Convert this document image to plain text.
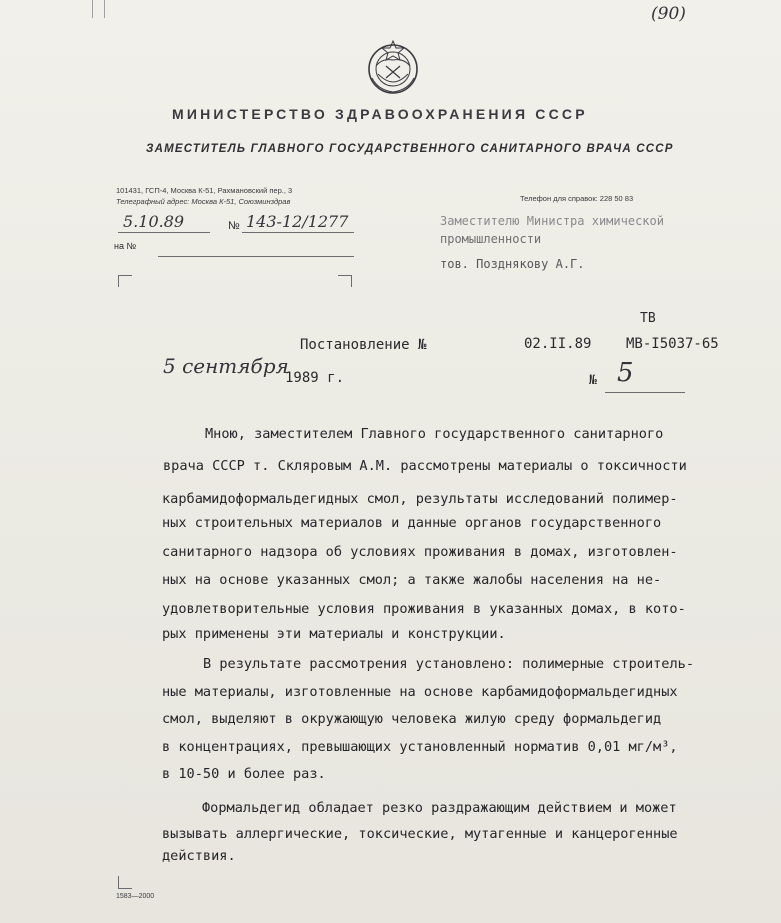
МИНИСТЕРСТВО ЗДРАВООХРАНЕНИЯ СССР
ЗАМЕСТИТЕЛЬ ГЛАВНОГО ГОСУДАРСТВЕННОГО САНИТАРНОГО ВРАЧА СССР
101431, ГСП-4, Москва К-51, Рахмановский пер., 3
Телеграфный адрес: Москва К-51, Союзминздрав	Телефон для справок: 228 50 83
5.10.89	№ 143-12/1277
на №
Заместителю Министра химической
промышленности
тов. Позднякову А.Г.
ТВ
Постановление №	02.II.89 МВ-I5037-65
5 сентября
1989 г.	№ 5
Мною, заместителем Главного государственного санитарного
врача СССР т. Скляровым А.М. рассмотрены материалы о токсичности
карбамидоформальдегидных смол, результаты исследований полимер-
ных строительных материалов и данные органов государственного
санитарного надзора об условиях проживания в домах, изготовлен-
ных на основе указанных смол; а также жалобы населения на не-
удовлетворительные условия проживания в указанных домах, в кото-
рых применены эти материалы и конструкции.
В результате рассмотрения установлено: полимерные строитель-
ные материалы, изготовленные на основе карбамидоформальдегидных
смол, выделяют в окружающую человека жилую среду формальдегид
в концентрациях, превышающих установленный норматив 0,01 мг/м³,
в 10-50 и более раз.
Формальдегид обладает резко раздражающим действием и может
вызывать аллергические, токсические, мутагенные и канцерогенные
действия.
1583—2000
(90)
